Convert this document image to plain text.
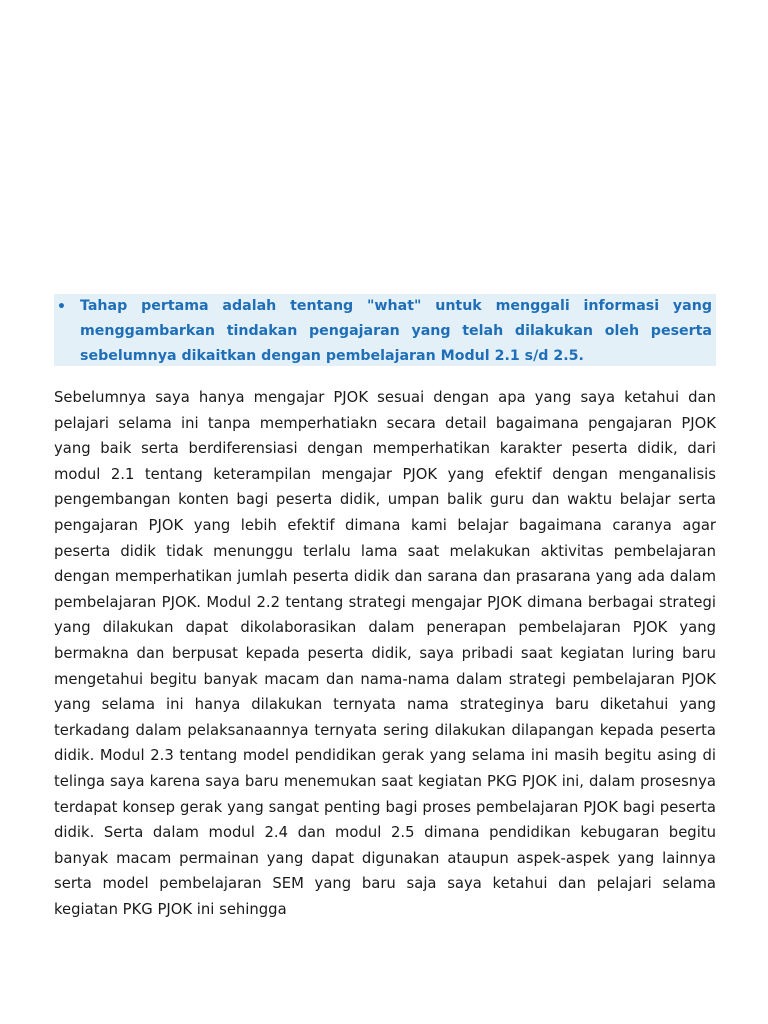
• Tahap pertama adalah tentang "what" untuk menggali informasi yang menggambarkan tindakan pengajaran yang telah dilakukan oleh peserta sebelumnya dikaitkan dengan pembelajaran Modul 2.1 s/d 2.5.

Sebelumnya saya hanya mengajar PJOK sesuai dengan apa yang saya ketahui dan pelajari selama ini tanpa memperhatiakn secara detail bagaimana pengajaran PJOK yang baik serta berdiferensiasi dengan memperhatikan karakter peserta didik, dari modul 2.1 tentang keterampilan mengajar PJOK yang efektif dengan menganalisis pengembangan konten bagi peserta didik, umpan balik guru dan waktu belajar serta pengajaran PJOK yang lebih efektif dimana kami belajar bagaimana caranya agar peserta didik tidak menunggu terlalu lama saat melakukan aktivitas pembelajaran dengan memperhatikan jumlah peserta didik dan sarana dan prasarana yang ada dalam pembelajaran PJOK. Modul 2.2 tentang strategi mengajar PJOK dimana berbagai strategi yang dilakukan dapat dikolaborasikan dalam penerapan pembelajaran PJOK yang bermakna dan berpusat kepada peserta didik, saya pribadi saat kegiatan luring baru mengetahui begitu banyak macam dan nama-nama dalam strategi pembelajaran PJOK yang selama ini hanya dilakukan ternyata nama strateginya baru diketahui yang terkadang dalam pelaksanaannya ternyata sering dilakukan dilapangan kepada peserta didik. Modul 2.3 tentang model pendidikan gerak yang selama ini masih begitu asing di telinga saya karena saya baru menemukan saat kegiatan PKG PJOK ini, dalam prosesnya terdapat konsep gerak yang sangat penting bagi proses pembelajaran PJOK bagi peserta didik. Serta dalam modul 2.4 dan modul 2.5 dimana pendidikan kebugaran begitu banyak macam permainan yang dapat digunakan ataupun aspek-aspek yang lainnya serta model pembelajaran SEM yang baru saja saya ketahui dan pelajari selama kegiatan PKG PJOK ini sehingga
